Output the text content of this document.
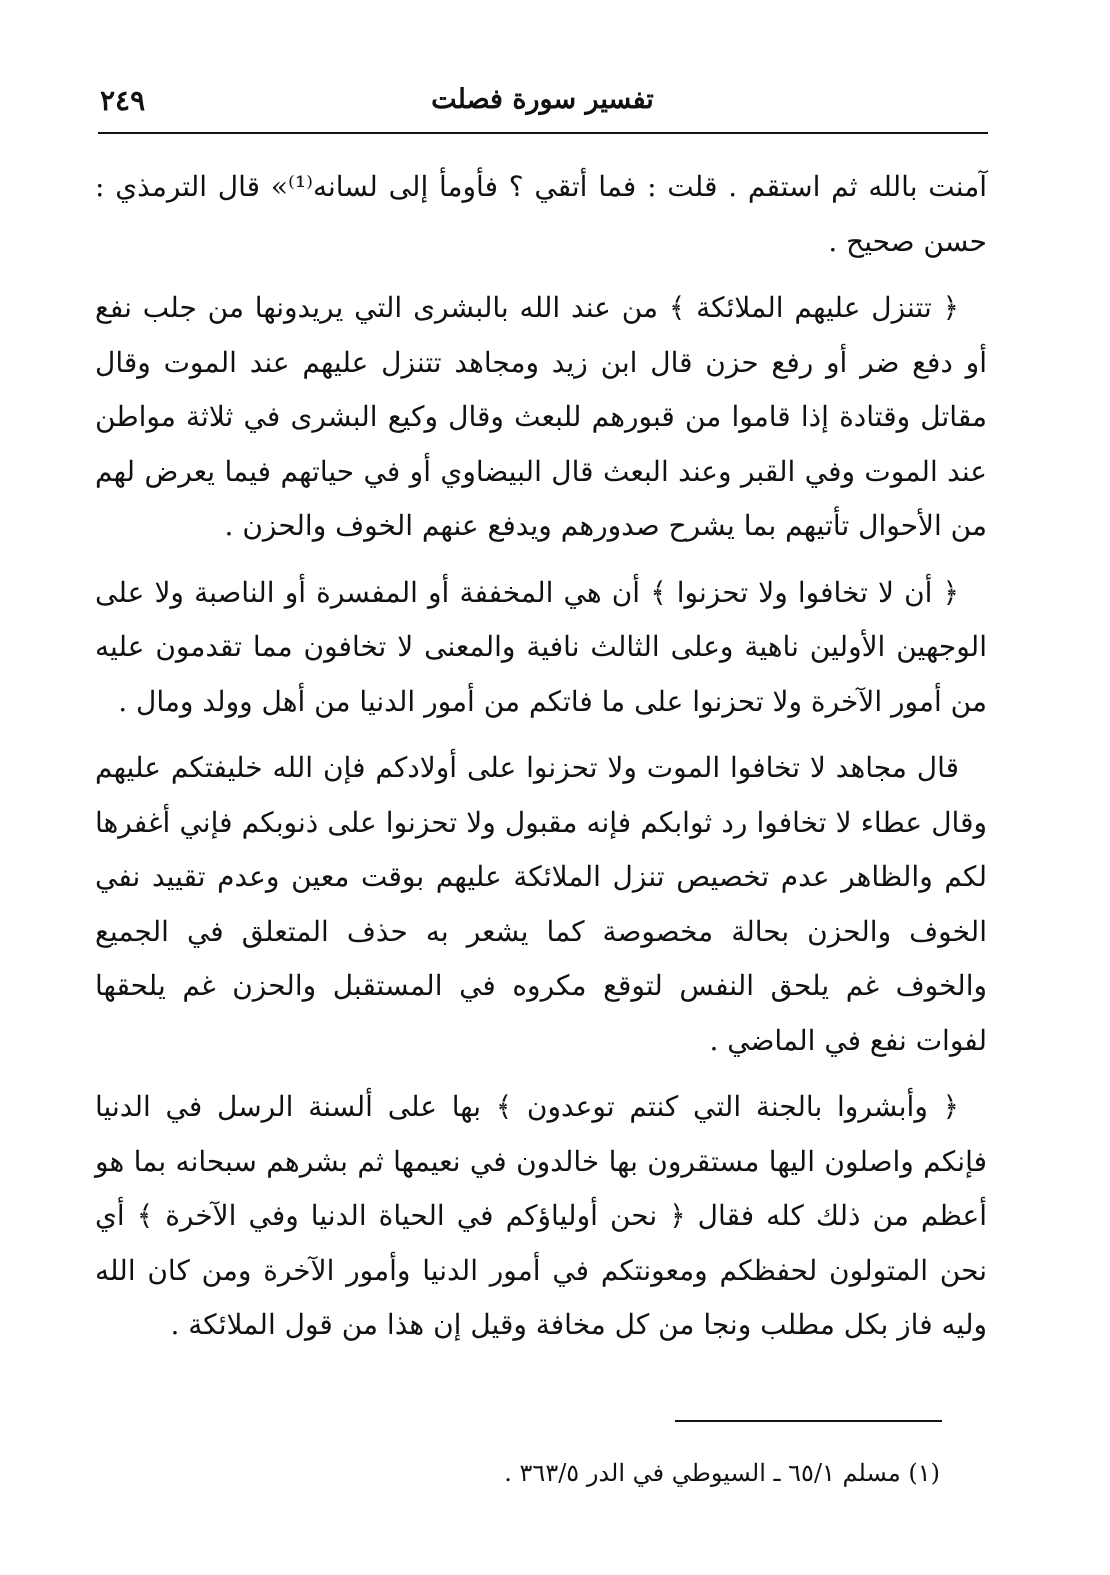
٢٤٩	تفسير سورة فصلت

آمنت بالله ثم استقم . قلت : فما أتقي ؟ فأومأ إلى لسانه⁽¹⁾» قال الترمذي : حسن صحيح .

﴿ تتنزل عليهم الملائكة ﴾ من عند الله بالبشرى التي يريدونها من جلب نفع أو دفع ضر أو رفع حزن قال ابن زيد ومجاهد تتنزل عليهم عند الموت وقال مقاتل وقتادة إذا قاموا من قبورهم للبعث وقال وكيع البشرى في ثلاثة مواطن عند الموت وفي القبر وعند البعث قال البيضاوي أو في حياتهم فيما يعرض لهم من الأحوال تأتيهم بما يشرح صدورهم ويدفع عنهم الخوف والحزن .

﴿ أن لا تخافوا ولا تحزنوا ﴾ أن هي المخففة أو المفسرة أو الناصبة ولا على الوجهين الأولين ناهية وعلى الثالث نافية والمعنى لا تخافون مما تقدمون عليه من أمور الآخرة ولا تحزنوا على ما فاتكم من أمور الدنيا من أهل وولد ومال .

قال مجاهد لا تخافوا الموت ولا تحزنوا على أولادكم فإن الله خليفتكم عليهم وقال عطاء لا تخافوا رد ثوابكم فإنه مقبول ولا تحزنوا على ذنوبكم فإني أغفرها لكم والظاهر عدم تخصيص تنزل الملائكة عليهم بوقت معين وعدم تقييد نفي الخوف والحزن بحالة مخصوصة كما يشعر به حذف المتعلق في الجميع والخوف غم يلحق النفس لتوقع مكروه في المستقبل والحزن غم يلحقها لفوات نفع في الماضي .

﴿ وأبشروا بالجنة التي كنتم توعدون ﴾ بها على ألسنة الرسل في الدنيا فإنكم واصلون اليها مستقرون بها خالدون في نعيمها ثم بشرهم سبحانه بما هو أعظم من ذلك كله فقال ﴿ نحن أولياؤكم في الحياة الدنيا وفي الآخرة ﴾ أي نحن المتولون لحفظكم ومعونتكم في أمور الدنيا وأمور الآخرة ومن كان الله وليه فاز بكل مطلب ونجا من كل مخافة وقيل إن هذا من قول الملائكة .

(١) مسلم ٦٥/١ ـ السيوطي في الدر ٣٦٣/٥ .
